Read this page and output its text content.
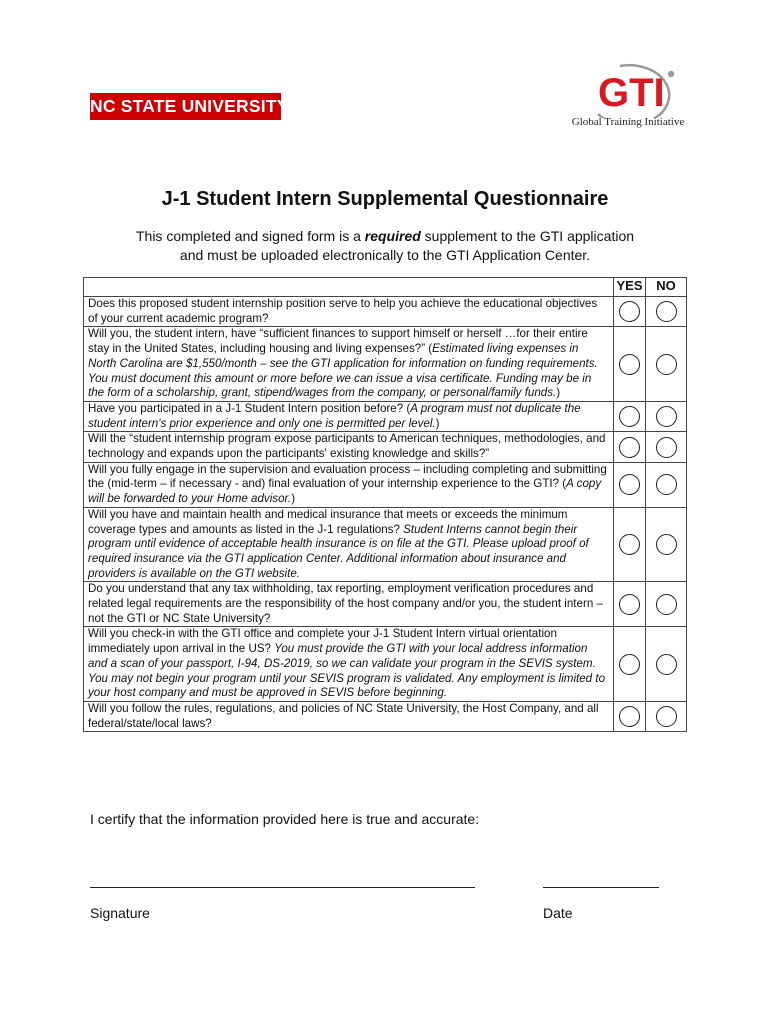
NC STATE UNIVERSITY	GTI
Global Training Initiative
J-1 Student Intern Supplemental Questionnaire
This completed and signed form is a required supplement to the GTI application
and must be uploaded electronically to the GTI Application Center.
	YES	NO
Does this proposed student internship position serve to help you achieve the educational objectives of your current academic program?		
Will you, the student intern, have “sufficient finances to support himself or herself …for their entire stay in the United States, including housing and living expenses?” (Estimated living expenses in North Carolina are $1,550/month – see the GTI application for information on funding requirements. You must document this amount or more before we can issue a visa certificate. Funding may be in the form of a scholarship, grant, stipend/wages from the company, or personal/family funds.)		
Have you participated in a J-1 Student Intern position before? (A program must not duplicate the student intern's prior experience and only one is permitted per level.)		
Will the “student internship program expose participants to American techniques, methodologies, and technology and expands upon the participants' existing knowledge and skills?”		
Will you fully engage in the supervision and evaluation process – including completing and submitting the (mid-term – if necessary - and) final evaluation of your internship experience to the GTI? (A copy will be forwarded to your Home advisor.)		
Will you have and maintain health and medical insurance that meets or exceeds the minimum coverage types and amounts as listed in the J-1 regulations? Student Interns cannot begin their program until evidence of acceptable health insurance is on file at the GTI. Please upload proof of required insurance via the GTI application Center. Additional information about insurance and providers is available on the GTI website.		
Do you understand that any tax withholding, tax reporting, employment verification procedures and related legal requirements are the responsibility of the host company and/or you, the student intern – not the GTI or NC State University?		
Will you check-in with the GTI office and complete your J-1 Student Intern virtual orientation immediately upon arrival in the US? You must provide the GTI with your local address information and a scan of your passport, I-94, DS-2019, so we can validate your program in the SEVIS system. You may not begin your program until your SEVIS program is validated. Any employment is limited to your host company and must be approved in SEVIS before beginning.		
Will you follow the rules, regulations, and policies of NC State University, the Host Company, and all federal/state/local laws?		
I certify that the information provided here is true and accurate:
Signature	Date
